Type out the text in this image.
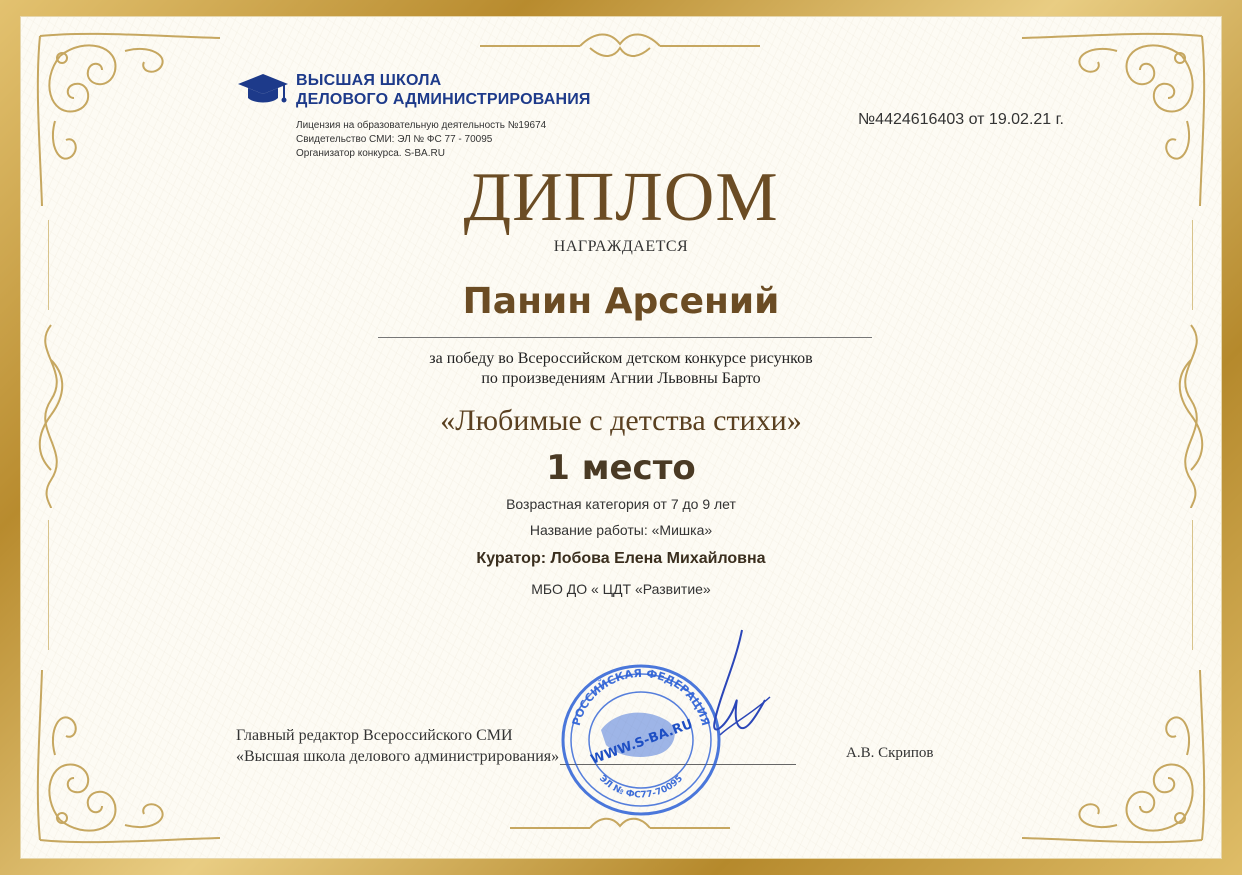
ВЫСШАЯ ШКОЛА
ДЕЛОВОГО АДМИНИСТРИРОВАНИЯ
Лицензия на образовательную деятельность №19674
Свидетельство СМИ: ЭЛ № ФС 77 - 70095
Организатор конкурса. S-BA.RU
№4424616403 от 19.02.21 г.
ДИПЛОМ
НАГРАЖДАЕТСЯ
Панин Арсений
за победу во Всероссийском детском конкурсе рисунков
по произведениям Агнии Львовны Барто
«Любимые с детства стихи»
1 место
Возрастная категория от 7 до 9 лет
Название работы: «Мишка»
Куратор: Лобова Елена Михайловна
МБО ДО « ЦДТ «Развитие»
Главный редактор Всероссийского СМИ
«Высшая школа делового администрирования»	А.В. Скрипов
РОССИЙСКАЯ ФЕДЕРАЦИЯ
WWW.S-BA.RU
ЭЛ № ФС77-70095
